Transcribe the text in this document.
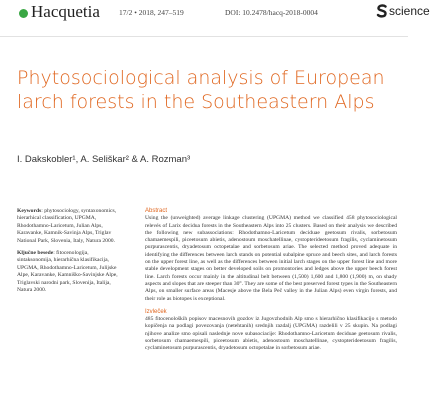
Hacquetia	17/2 • 2018, 247–519	DOI: 10.2478/hacq-2018-0004	science
Phytosociological analysis of European larch forests in the Southeastern Alps
I. Dakskobler¹, A. Seliškar² & A. Rozman³

Keywords: phytosociology, syntaxonomics, hierarhical classification, UPGMA, Rhodothamno-Laricetum, Julian Alps, Karavanke, Kamnik-Savinja Alps, Triglav National Park, Slovenia, Italy, Natura 2000.

Ključne besede: fitocenologija, sintaksonomija, hierarhična klasifikacija, UPGMA, Rhodothamno-Laricetum, Julijske Alpe, Karavanke, Kamniško-Savinjske Alpe, Triglavski narodni park, Slovenija, Italija, Natura 2000.

Abstract

Using the (unweighted) average linkage clustering (UPGMA) method we classified 458 phytosociological relevés of Larix decidua forests in the Southeastern Alps into 25 clusters. Based on their analysis we described the following new subassociations: Rhodothamno-Laricetum deciduae geetosum rivalis, sorbetosum chamaemespili, piceetosum abietis, adenostoum moschatellinae, cystopterideetosum fragilis, cyclaminetosum purpurascentis, dryadetosum octopetalae and sorbetosum ariae. The selected method proved adequate in identifying the differences between larch stands on potential subalpine spruce and beech sites, and larch forests on the upper forest line, as well as the differences between initial larch stages on the upper forest line and more stable development stages on better developed soils on promontories and ledges above the upper beech forest line. Larch forests occur mainly in the altitudinal belt between (1,500) 1,600 and 1,800 (1,900) m, on shady aspects and slopes that are steeper than 30°. They are some of the best preserved forest types in the Southeastern Alps, on smaller surface areas (Macesje above the Bela Peč valley in the Julian Alps) even virgin forests, and their role as biotopes is exceptional.

Izvleček

485 fitocenoloških popisov macesnovih gozdov iz Jugovzhodnih Alp smo s hierarhično klasifikacijo s metodo kopičenja na podlagi povezovanja (netehtanih) srednjih razdalj (UPGMA) razdelili v 25 skupin. Na podlagi njihove analize smo opisali naslednje nove subasociacije: Rhodothamno-Laricetum deciduae geetosum rivalis, sorbetosum chamaemespili, piceetosum abietis, adenostoum moschatellinae, cystopterideetosum fragilis, cyclaminetosum purpurascentis, dryadetosum octopetalae in sorbetosum ariae.
